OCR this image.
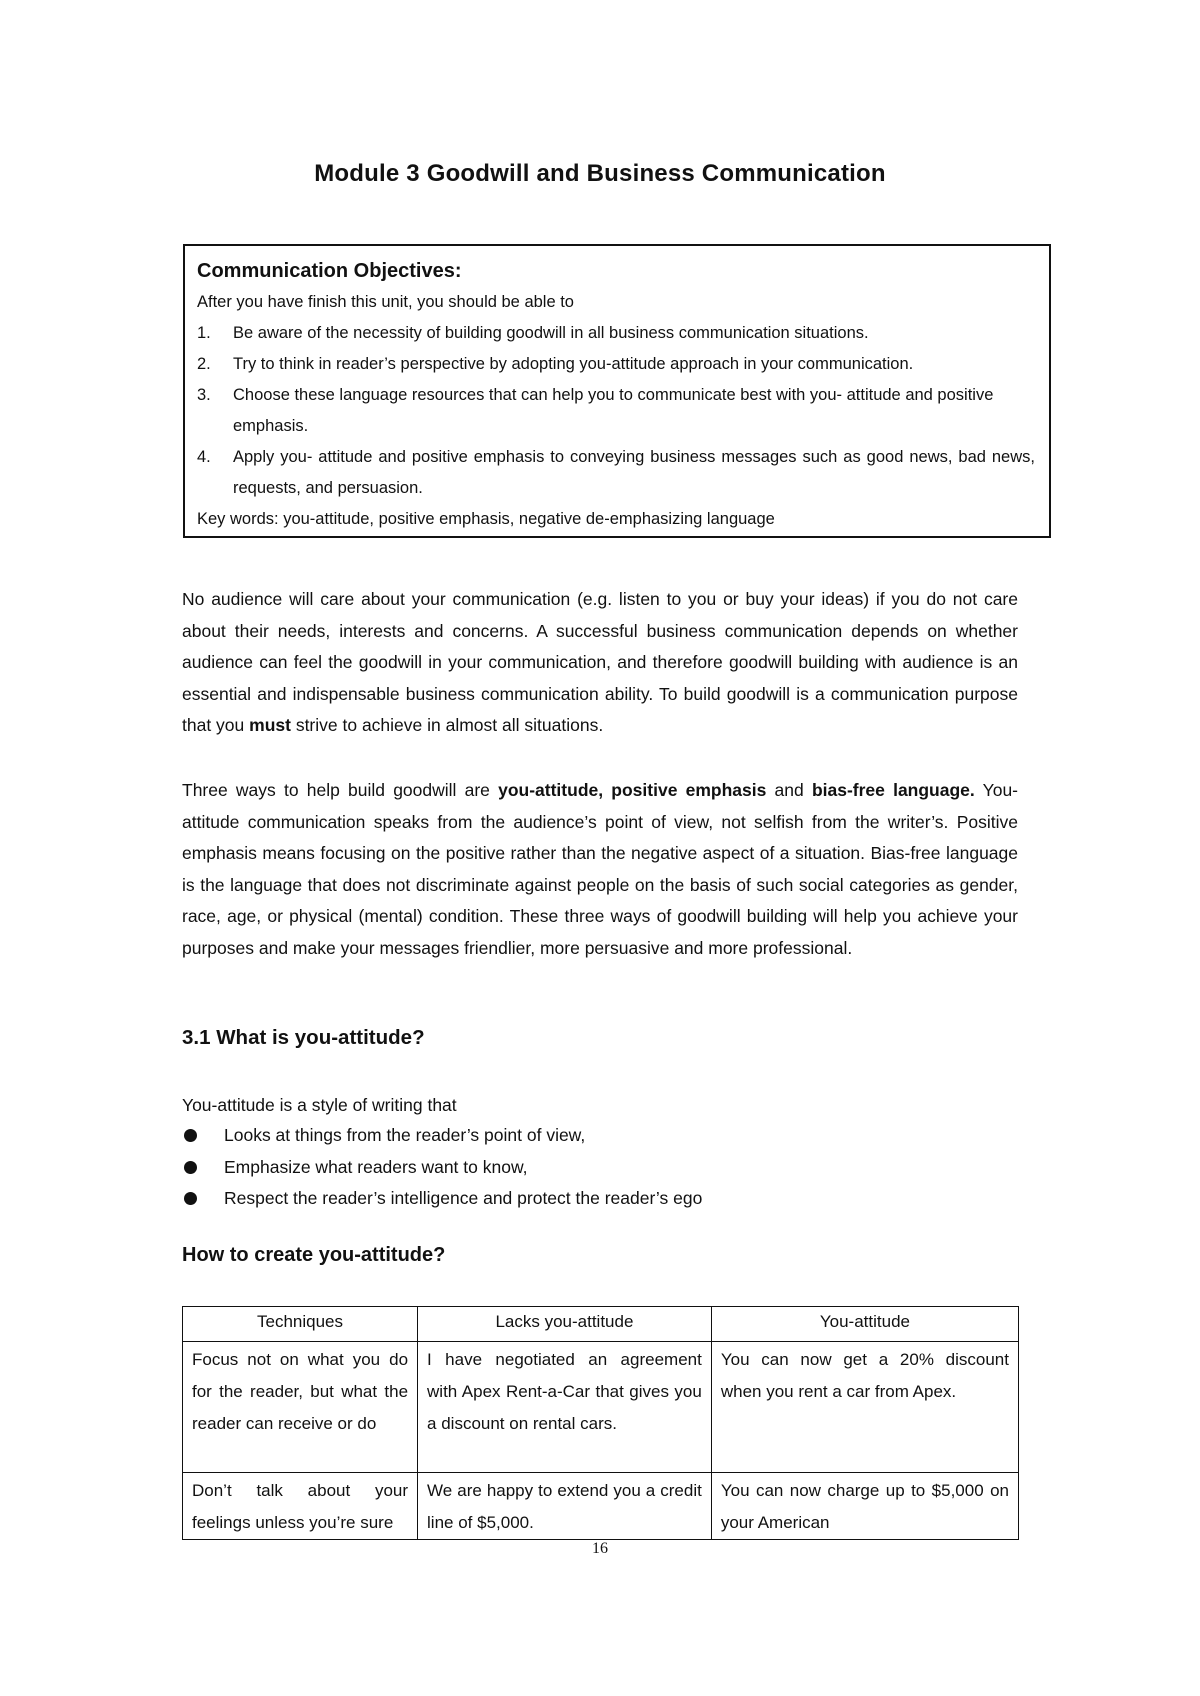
Module 3 Goodwill and Business Communication
Communication Objectives:
After you have finish this unit, you should be able to
1. Be aware of the necessity of building goodwill in all business communication situations.
2. Try to think in reader’s perspective by adopting you-attitude approach in your communication.
3. Choose these language resources that can help you to communicate best with you- attitude and positive emphasis.
4. Apply you- attitude and positive emphasis to conveying business messages such as good news, bad news, requests, and persuasion.
Key words: you-attitude, positive emphasis, negative de-emphasizing language

No audience will care about your communication (e.g. listen to you or buy your ideas) if you do not care about their needs, interests and concerns. A successful business communication depends on whether audience can feel the goodwill in your communication, and therefore goodwill building with audience is an essential and indispensable business communication ability. To build goodwill is a communication purpose that you must strive to achieve in almost all situations.

Three ways to help build goodwill are you-attitude, positive emphasis and bias-free language. You-attitude communication speaks from the audience’s point of view, not selfish from the writer’s. Positive emphasis means focusing on the positive rather than the negative aspect of a situation. Bias-free language is the language that does not discriminate against people on the basis of such social categories as gender, race, age, or physical (mental) condition. These three ways of goodwill building will help you achieve your purposes and make your messages friendlier, more persuasive and more professional.

3.1 What is you-attitude?
You-attitude is a style of writing that
Looks at things from the reader’s point of view,
Emphasize what readers want to know,
Respect the reader’s intelligence and protect the reader’s ego
How to create you-attitude?
Techniques	Lacks you-attitude	You-attitude
Focus not on what you do for the reader, but what the reader can receive or do	I have negotiated an agreement with Apex Rent-a-Car that gives you a discount on rental cars.	You can now get a 20% discount when you rent a car from Apex.
Don’t talk about your feelings unless you’re sure	We are happy to extend you a credit line of $5,000.	You can now charge up to $5,000 on your American
16
